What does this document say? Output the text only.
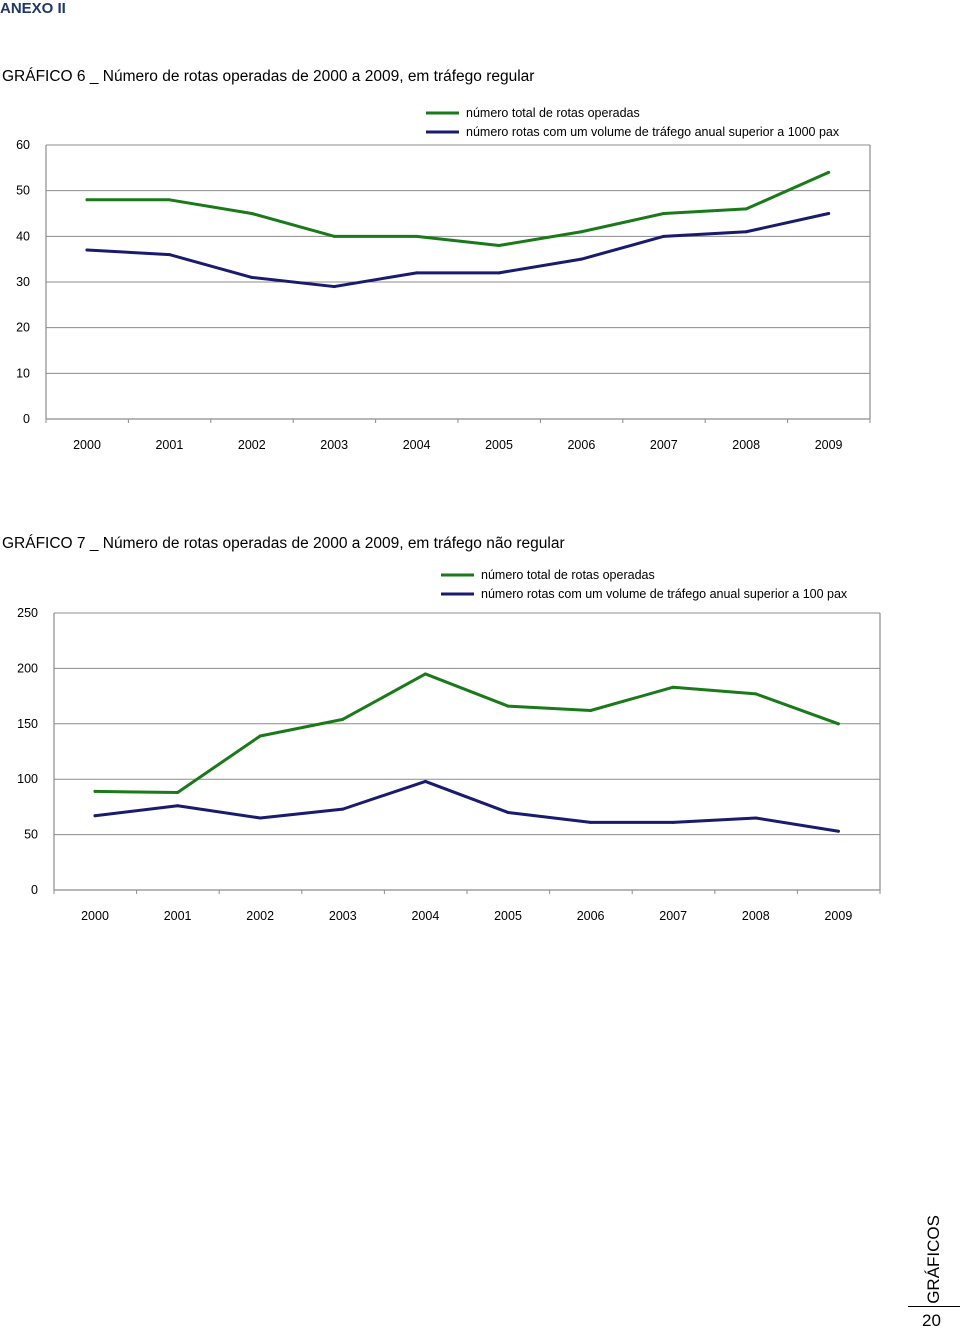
ANEXO II
GRÁFICO 6 _ Número de rotas operadas de 2000 a 2009, em tráfego regular
0
10
20
30
40
50
60
2000	2001	2002	2003	2004	2005	2006	2007	2008	2009
número total de rotas operadas
número rotas com um volume de tráfego anual superior a 1000 pax
GRÁFICO 7 _ Número de rotas operadas de 2000 a 2009, em tráfego não regular
0
50
100
150
200
250
2000	2001	2002	2003	2004	2005	2006	2007	2008	2009
número total de rotas operadas
número rotas com um volume de tráfego anual superior a 100 pax
GRÁFICOS
20
